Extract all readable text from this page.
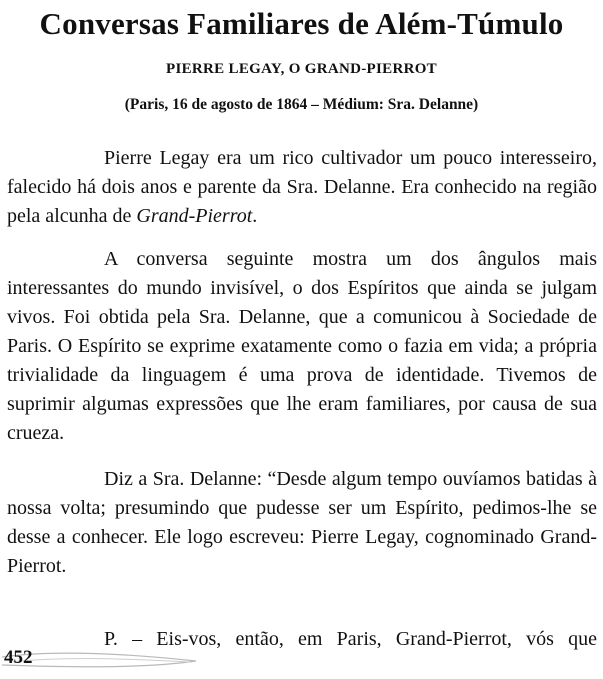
Conversas Familiares de Além-Túmulo
PIERRE LEGAY, O GRAND-PIERROT
(Paris, 16 de agosto de 1864 – Médium: Sra. Delanne)

Pierre Legay era um rico cultivador um pouco interesseiro, falecido há dois anos e parente da Sra. Delanne. Era conhecido na região pela alcunha de Grand-Pierrot.

A conversa seguinte mostra um dos ângulos mais interessantes do mundo invisível, o dos Espíritos que ainda se julgam vivos. Foi obtida pela Sra. Delanne, que a comunicou à Sociedade de Paris. O Espírito se exprime exatamente como o fazia em vida; a própria trivialidade da linguagem é uma prova de identidade. Tivemos de suprimir algumas expressões que lhe eram familiares, por causa de sua crueza.

Diz a Sra. Delanne: “Desde algum tempo ouvíamos batidas à nossa volta; presumindo que pudesse ser um Espírito, pedimos-lhe se desse a conhecer. Ele logo escreveu: Pierre Legay, cognominado Grand-Pierrot.

P. – Eis-vos, então, em Paris, Grand-Pierrot, vós que

452
